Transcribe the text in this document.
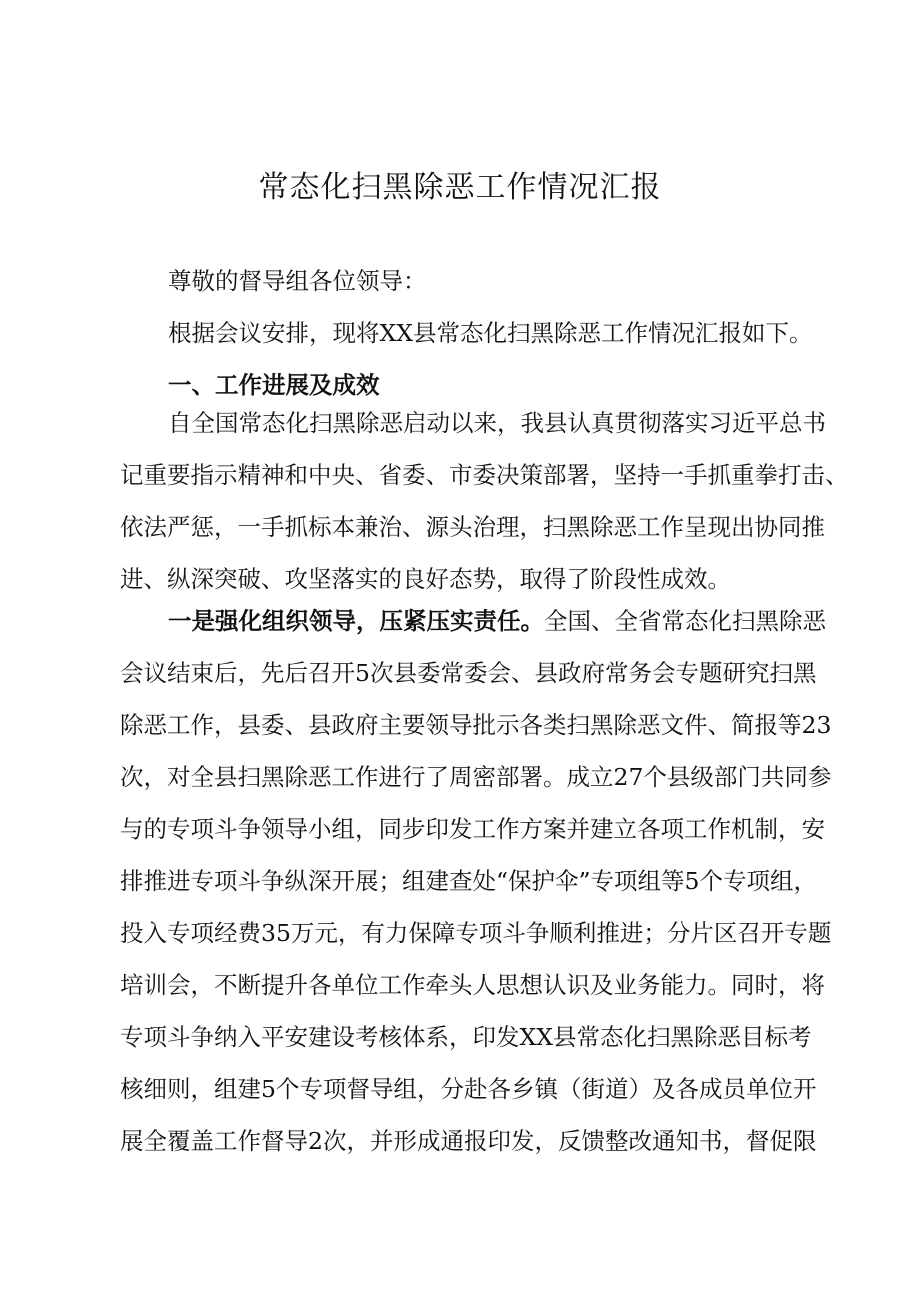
常态化扫黑除恶工作情况汇报
尊敬的督导组各位领导：
根据会议安排，现将XX县常态化扫黑除恶工作情况汇报如下。
一、工作进展及成效
自全国常态化扫黑除恶启动以来，我县认真贯彻落实习近平总书
记重要指示精神和中央、省委、市委决策部署，坚持一手抓重拳打击、
依法严惩，一手抓标本兼治、源头治理，扫黑除恶工作呈现出协同推
进、纵深突破、攻坚落实的良好态势，取得了阶段性成效。
一是强化组织领导，压紧压实责任。全国、全省常态化扫黑除恶
会议结束后，先后召开5次县委常委会、县政府常务会专题研究扫黑
除恶工作，县委、县政府主要领导批示各类扫黑除恶文件、简报等23
次，对全县扫黑除恶工作进行了周密部署。成立27个县级部门共同参
与的专项斗争领导小组，同步印发工作方案并建立各项工作机制，安
排推进专项斗争纵深开展；组建查处“保护伞”专项组等5个专项组，
投入专项经费35万元，有力保障专项斗争顺利推进；分片区召开专题
培训会，不断提升各单位工作牵头人思想认识及业务能力。同时，将
专项斗争纳入平安建设考核体系，印发XX县常态化扫黑除恶目标考
核细则，组建5个专项督导组，分赴各乡镇（街道）及各成员单位开
展全覆盖工作督导2次，并形成通报印发，反馈整改通知书，督促限
